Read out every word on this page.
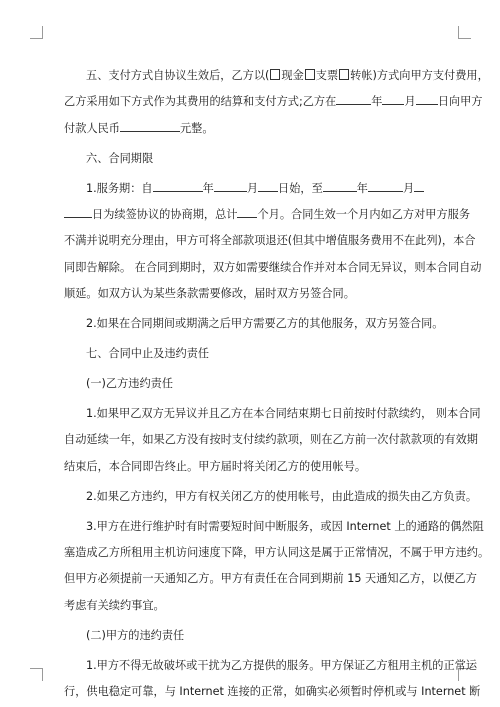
五、支付方式自协议生效后，乙方以( 现金 支票 转帐)方式向甲方支付费用，

乙方采用如下方式作为其费用的结算和支付方式;乙方在	年 月 日向甲方

付款人民币	元整。

六、合同期限

1.服务期：自	年	月 日始，至	年	月

日为续签协议的协商期，总计 个月。合同生效一个月内如乙方对甲方服务

不满并说明充分理由，甲方可将全部款项退还(但其中增值服务费用不在此列)，本合

同即告解除。 在合同到期时，双方如需要继续合作并对本合同无异议，则本合同自动

顺延。如双方认为某些条款需要修改，届时双方另签合同。

2.如果在合同期间或期满之后甲方需要乙方的其他服务，双方另签合同。

七、合同中止及违约责任

(一)乙方违约责任

1.如果甲乙双方无异议并且乙方在本合同结束期七日前按时付款续约， 则本合同

自动延续一年，如果乙方没有按时支付续约款项，则在乙方前一次付款款项的有效期

结束后，本合同即告终止。甲方届时将关闭乙方的使用帐号。

2.如果乙方违约，甲方有权关闭乙方的使用帐号，由此造成的损失由乙方负责。

3.甲方在进行维护时有时需要短时间中断服务，或因 Internet 上的通路的偶然阻

塞造成乙方所租用主机访问速度下降，甲方认同这是属于正常情况，不属于甲方违约。

但甲方必须提前一天通知乙方。甲方有责任在合同到期前 15 天通知乙方，以便乙方

考虑有关续约事宜。

(二)甲方的违约责任

1.甲方不得无故破坏或干扰为乙方提供的服务。甲方保证乙方租用主机的正常运

行，供电稳定可靠，与 Internet 连接的正常，如确实必须暂时停机或与 Internet 断
